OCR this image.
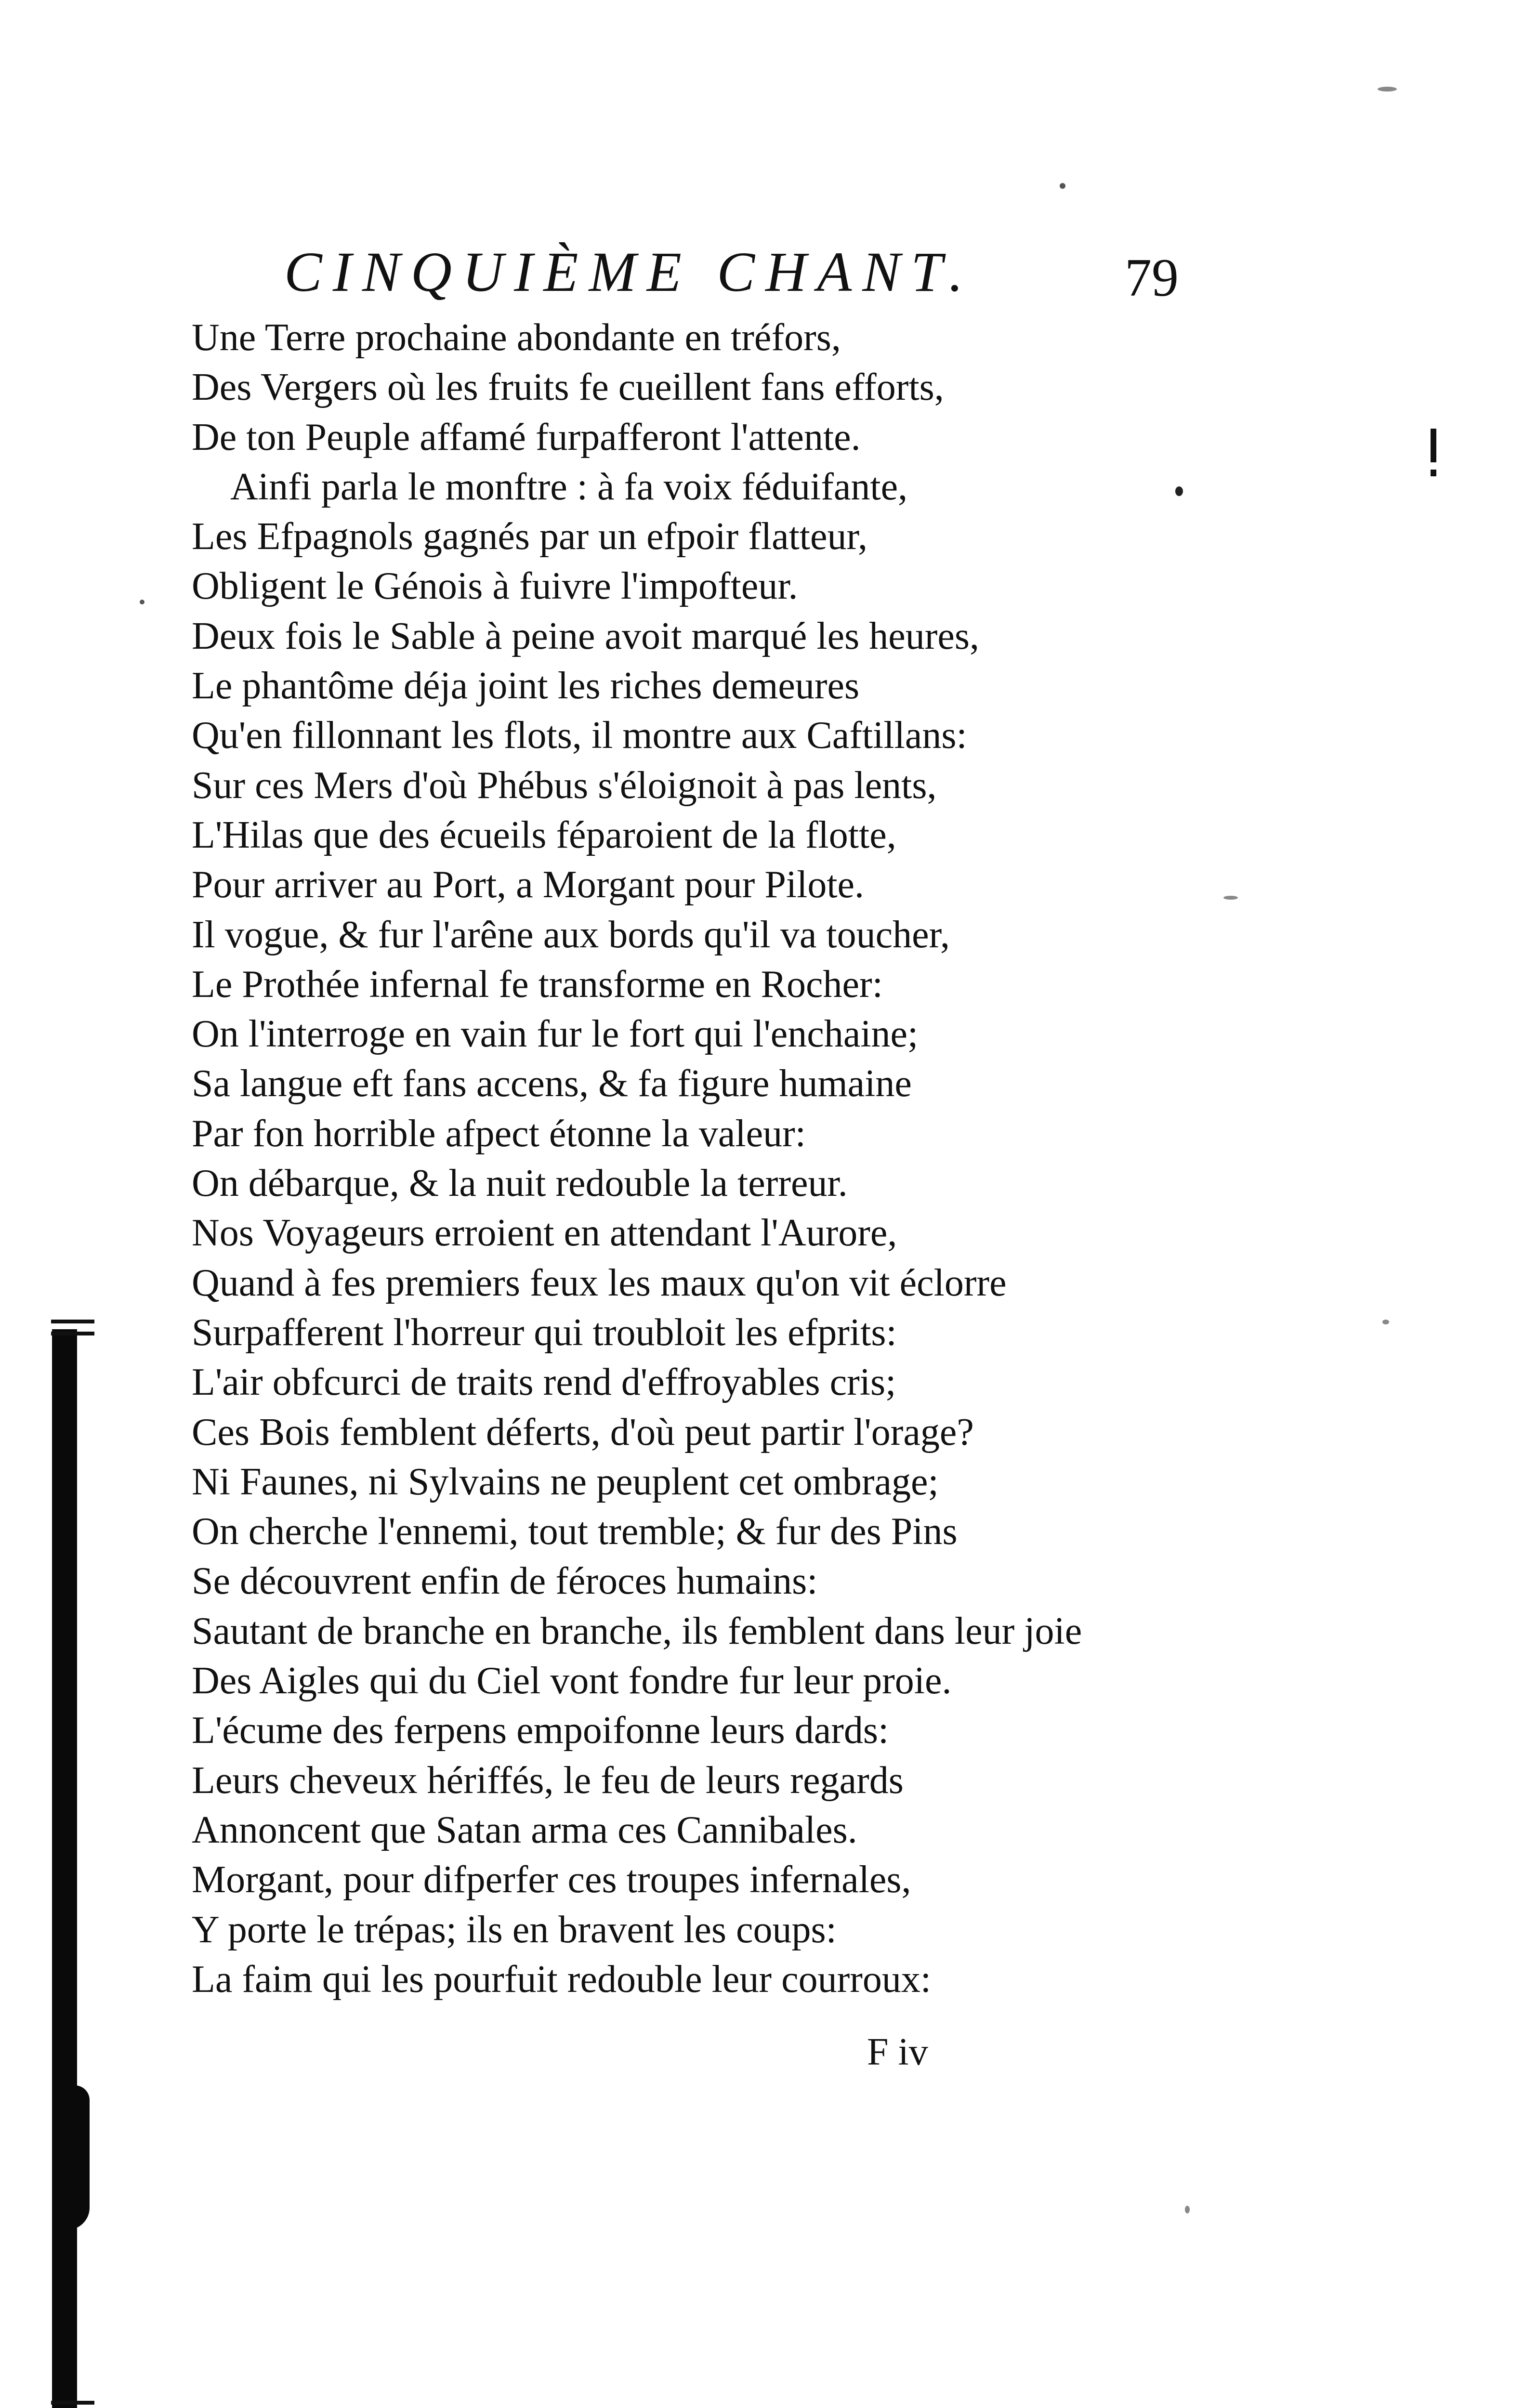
CINQUIÈME CHANT.	79
Une Terre prochaine abondante en tréfors,
Des Vergers où les fruits fe cueillent fans efforts,
De ton Peuple affamé furpafferont l'attente.
Ainfi parla le monftre : à fa voix féduifante,
Les Efpagnols gagnés par un efpoir flatteur,
Obligent le Génois à fuivre l'impofteur.
Deux fois le Sable à peine avoit marqué les heures,
Le phantôme déja joint les riches demeures
Qu'en fillonnant les flots, il montre aux Caftillans:
Sur ces Mers d'où Phébus s'éloignoit à pas lents,
L'Hilas que des écueils féparoient de la flotte,
Pour arriver au Port, a Morgant pour Pilote.
Il vogue, & fur l'arêne aux bords qu'il va toucher,
Le Prothée infernal fe transforme en Rocher:
On l'interroge en vain fur le fort qui l'enchaine;
Sa langue eft fans accens, & fa figure humaine
Par fon horrible afpect étonne la valeur:
On débarque, & la nuit redouble la terreur.
Nos Voyageurs erroient en attendant l'Aurore,
Quand à fes premiers feux les maux qu'on vit éclorre
Surpafferent l'horreur qui troubloit les efprits:
L'air obfcurci de traits rend d'effroyables cris;
Ces Bois femblent déferts, d'où peut partir l'orage?
Ni Faunes, ni Sylvains ne peuplent cet ombrage;
On cherche l'ennemi, tout tremble; & fur des Pins
Se découvrent enfin de féroces humains:
Sautant de branche en branche, ils femblent dans leur joie
Des Aigles qui du Ciel vont fondre fur leur proie.
L'écume des ferpens empoifonne leurs dards:
Leurs cheveux hériffés, le feu de leurs regards
Annoncent que Satan arma ces Cannibales.
Morgant, pour difperfer ces troupes infernales,
Y porte le trépas; ils en bravent les coups:
La faim qui les pourfuit redouble leur courroux:
F iv
